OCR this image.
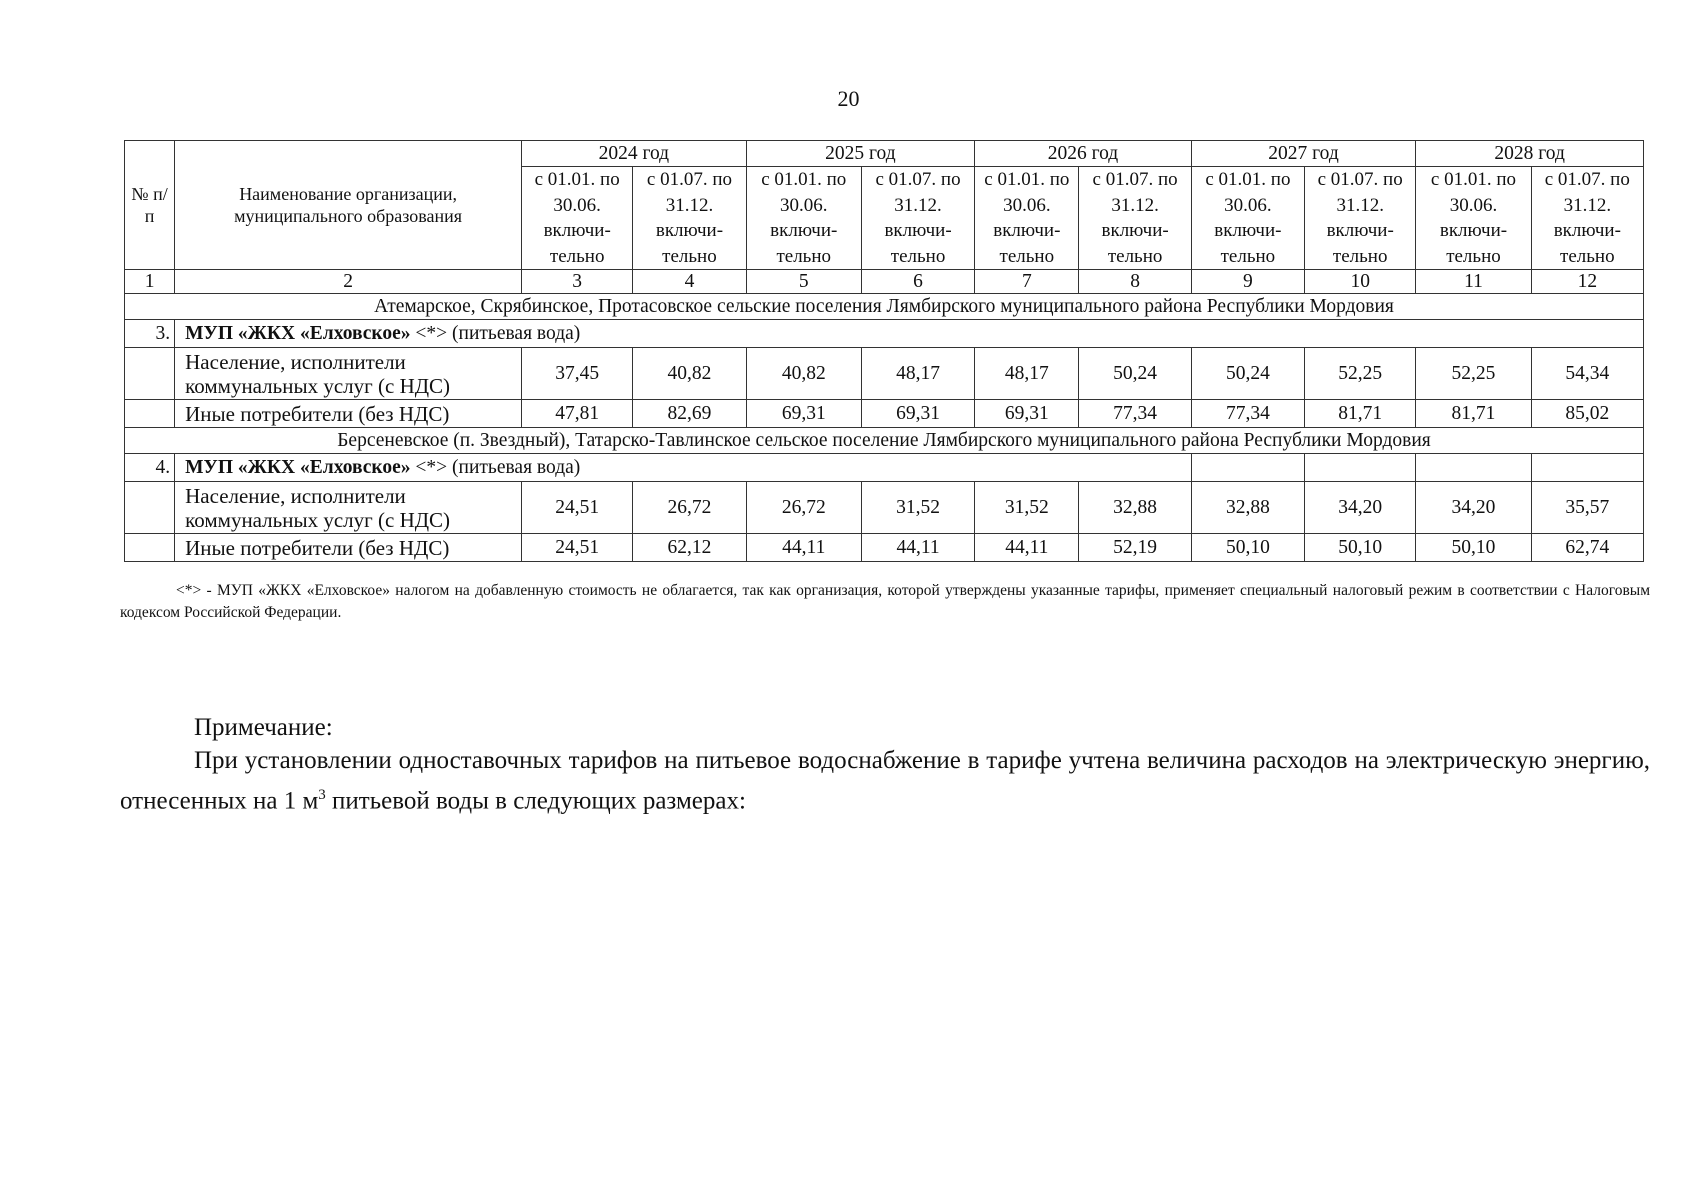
20
№ п/п	Наименование организации, муниципального образования	2024 год		2025 год		2026 год		2027 год		2028 год	
		с 01.01. по 30.06. включи-тельно	с 01.07. по 31.12. включи-тельно	с 01.01. по 30.06. включи-тельно	с 01.07. по 31.12. включи-тельно	с 01.01. по 30.06. включи-тельно	с 01.07. по 31.12. включи-тельно	с 01.01. по 30.06. включи-тельно	с 01.07. по 31.12. включи-тельно	с 01.01. по 30.06. включи-тельно	с 01.07. по 31.12. включи-тельно
1	2	3	4	5	6	7	8	9	10	11	12
Атемарское, Скрябинское, Протасовское сельские поселения Лямбирского муниципального района Республики Мордовия											
3.	МУП «ЖКХ «Елховское» <*> (питьевая вода)										
	Население, исполнители коммунальных услуг (с НДС)	37,45	40,82	40,82	48,17	48,17	50,24	50,24	52,25	52,25	54,34
	Иные потребители (без НДС)	47,81	82,69	69,31	69,31	69,31	77,34	77,34	81,71	81,71	85,02
Берсеневское (п. Звездный), Татарско-Тавлинское сельское поселение Лямбирского муниципального района Республики Мордовия											
4.	МУП «ЖКХ «Елховское» <*> (питьевая вода)										
	Население, исполнители коммунальных услуг (с НДС)	24,51	26,72	26,72	31,52	31,52	32,88	32,88	34,20	34,20	35,57
	Иные потребители (без НДС)	24,51	62,12	44,11	44,11	44,11	52,19	50,10	50,10	50,10	62,74
<*> - МУП «ЖКХ «Елховское» налогом на добавленную стоимость не облагается, так как организация, которой утверждены указанные тарифы, применяет специальный налоговый режим в соответствии с Налоговым кодексом Российской Федерации.
Примечание:
При установлении одноставочных тарифов на питьевое водоснабжение в тарифе учтена величина расходов на электрическую энергию, отнесенных на 1 $м^3$ питьевой воды в следующих размерах:
